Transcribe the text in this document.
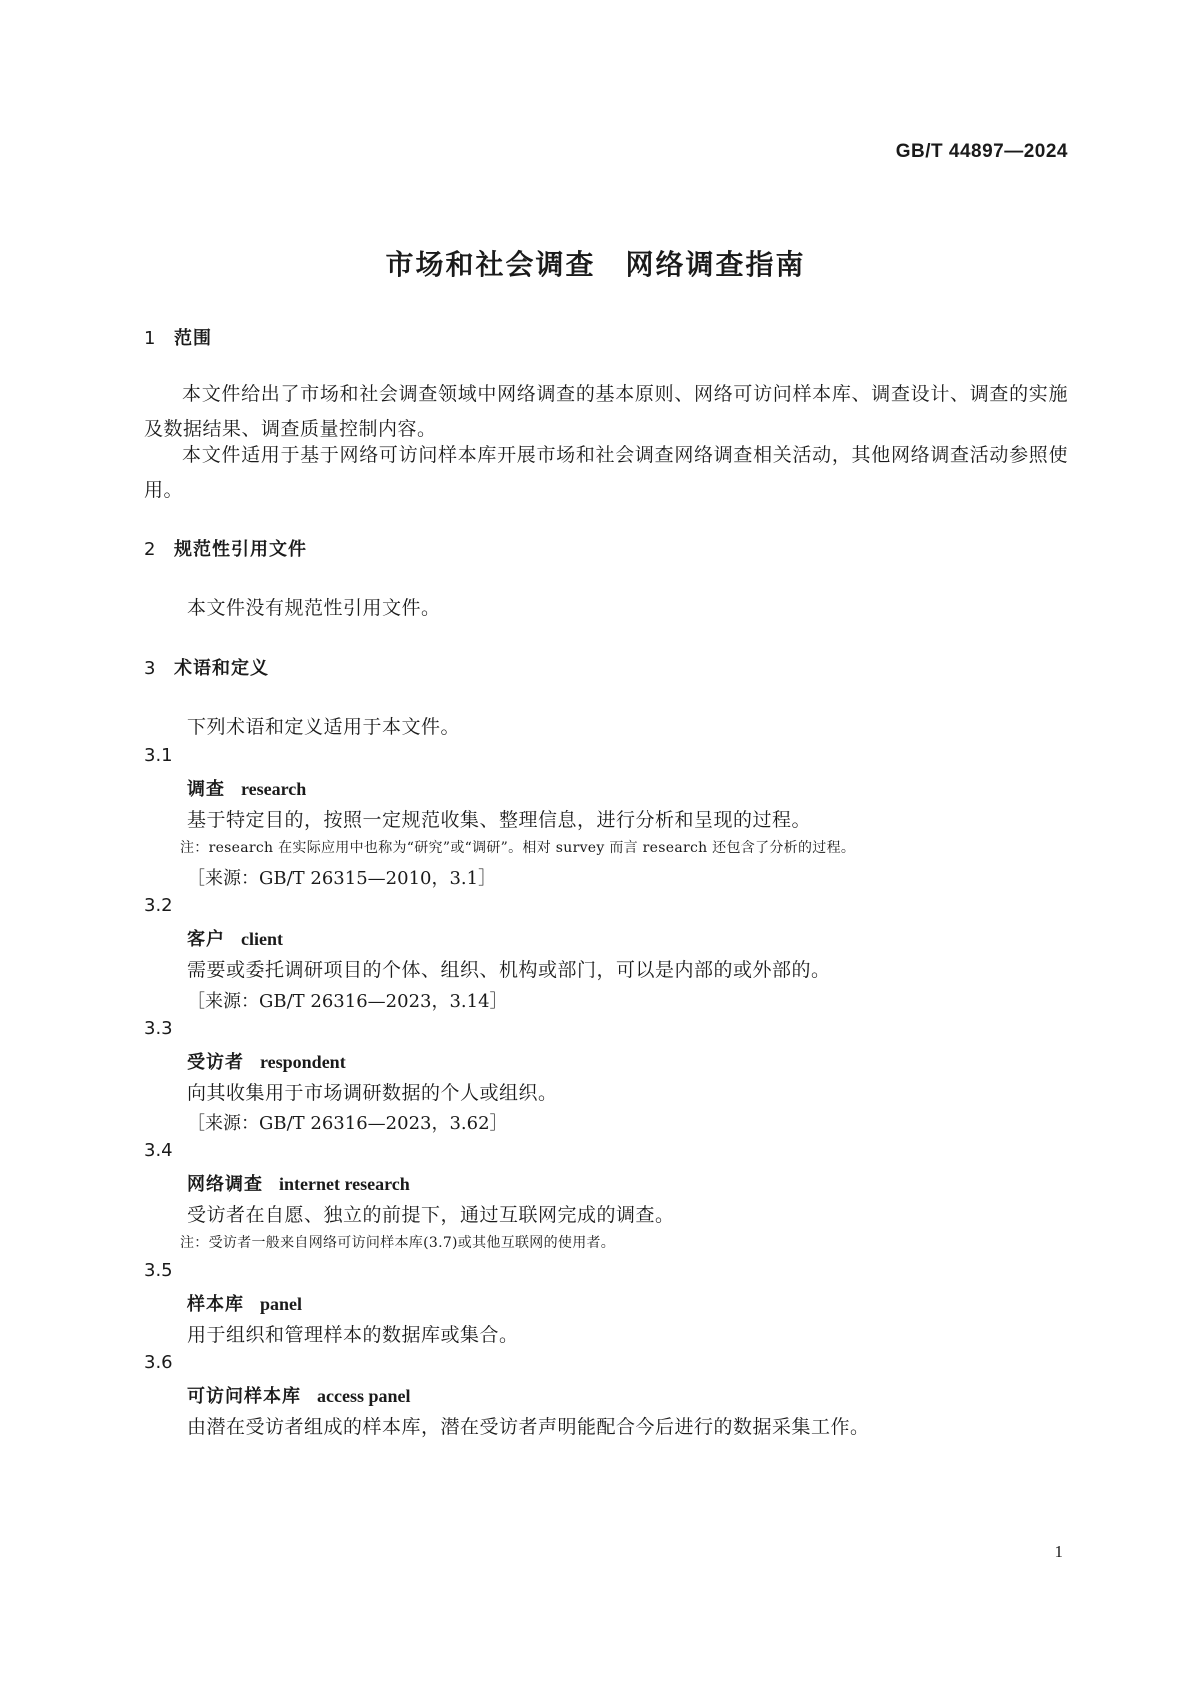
GB/T 44897—2024
市场和社会调查 网络调查指南
1 范围
本文件给出了市场和社会调查领域中网络调查的基本原则、网络可访问样本库、调查设计、调查的实施及数据结果、调查质量控制内容。
本文件适用于基于网络可访问样本库开展市场和社会调查网络调查相关活动，其他网络调查活动参照使用。
2 规范性引用文件
本文件没有规范性引用文件。
3 术语和定义
下列术语和定义适用于本文件。
3.1
调查 research
基于特定目的，按照一定规范收集、整理信息，进行分析和呈现的过程。
注：research 在实际应用中也称为“研究”或“调研”。相对 survey 而言 research 还包含了分析的过程。
［来源：GB/T 26315—2010，3.1］
3.2
客户 client
需要或委托调研项目的个体、组织、机构或部门，可以是内部的或外部的。
［来源：GB/T 26316—2023，3.14］
3.3
受访者 respondent
向其收集用于市场调研数据的个人或组织。
［来源：GB/T 26316—2023，3.62］
3.4
网络调查 internet research
受访者在自愿、独立的前提下，通过互联网完成的调查。
注：受访者一般来自网络可访问样本库(3.7)或其他互联网的使用者。
3.5
样本库 panel
用于组织和管理样本的数据库或集合。
3.6
可访问样本库 access panel
由潜在受访者组成的样本库，潜在受访者声明能配合今后进行的数据采集工作。
1
